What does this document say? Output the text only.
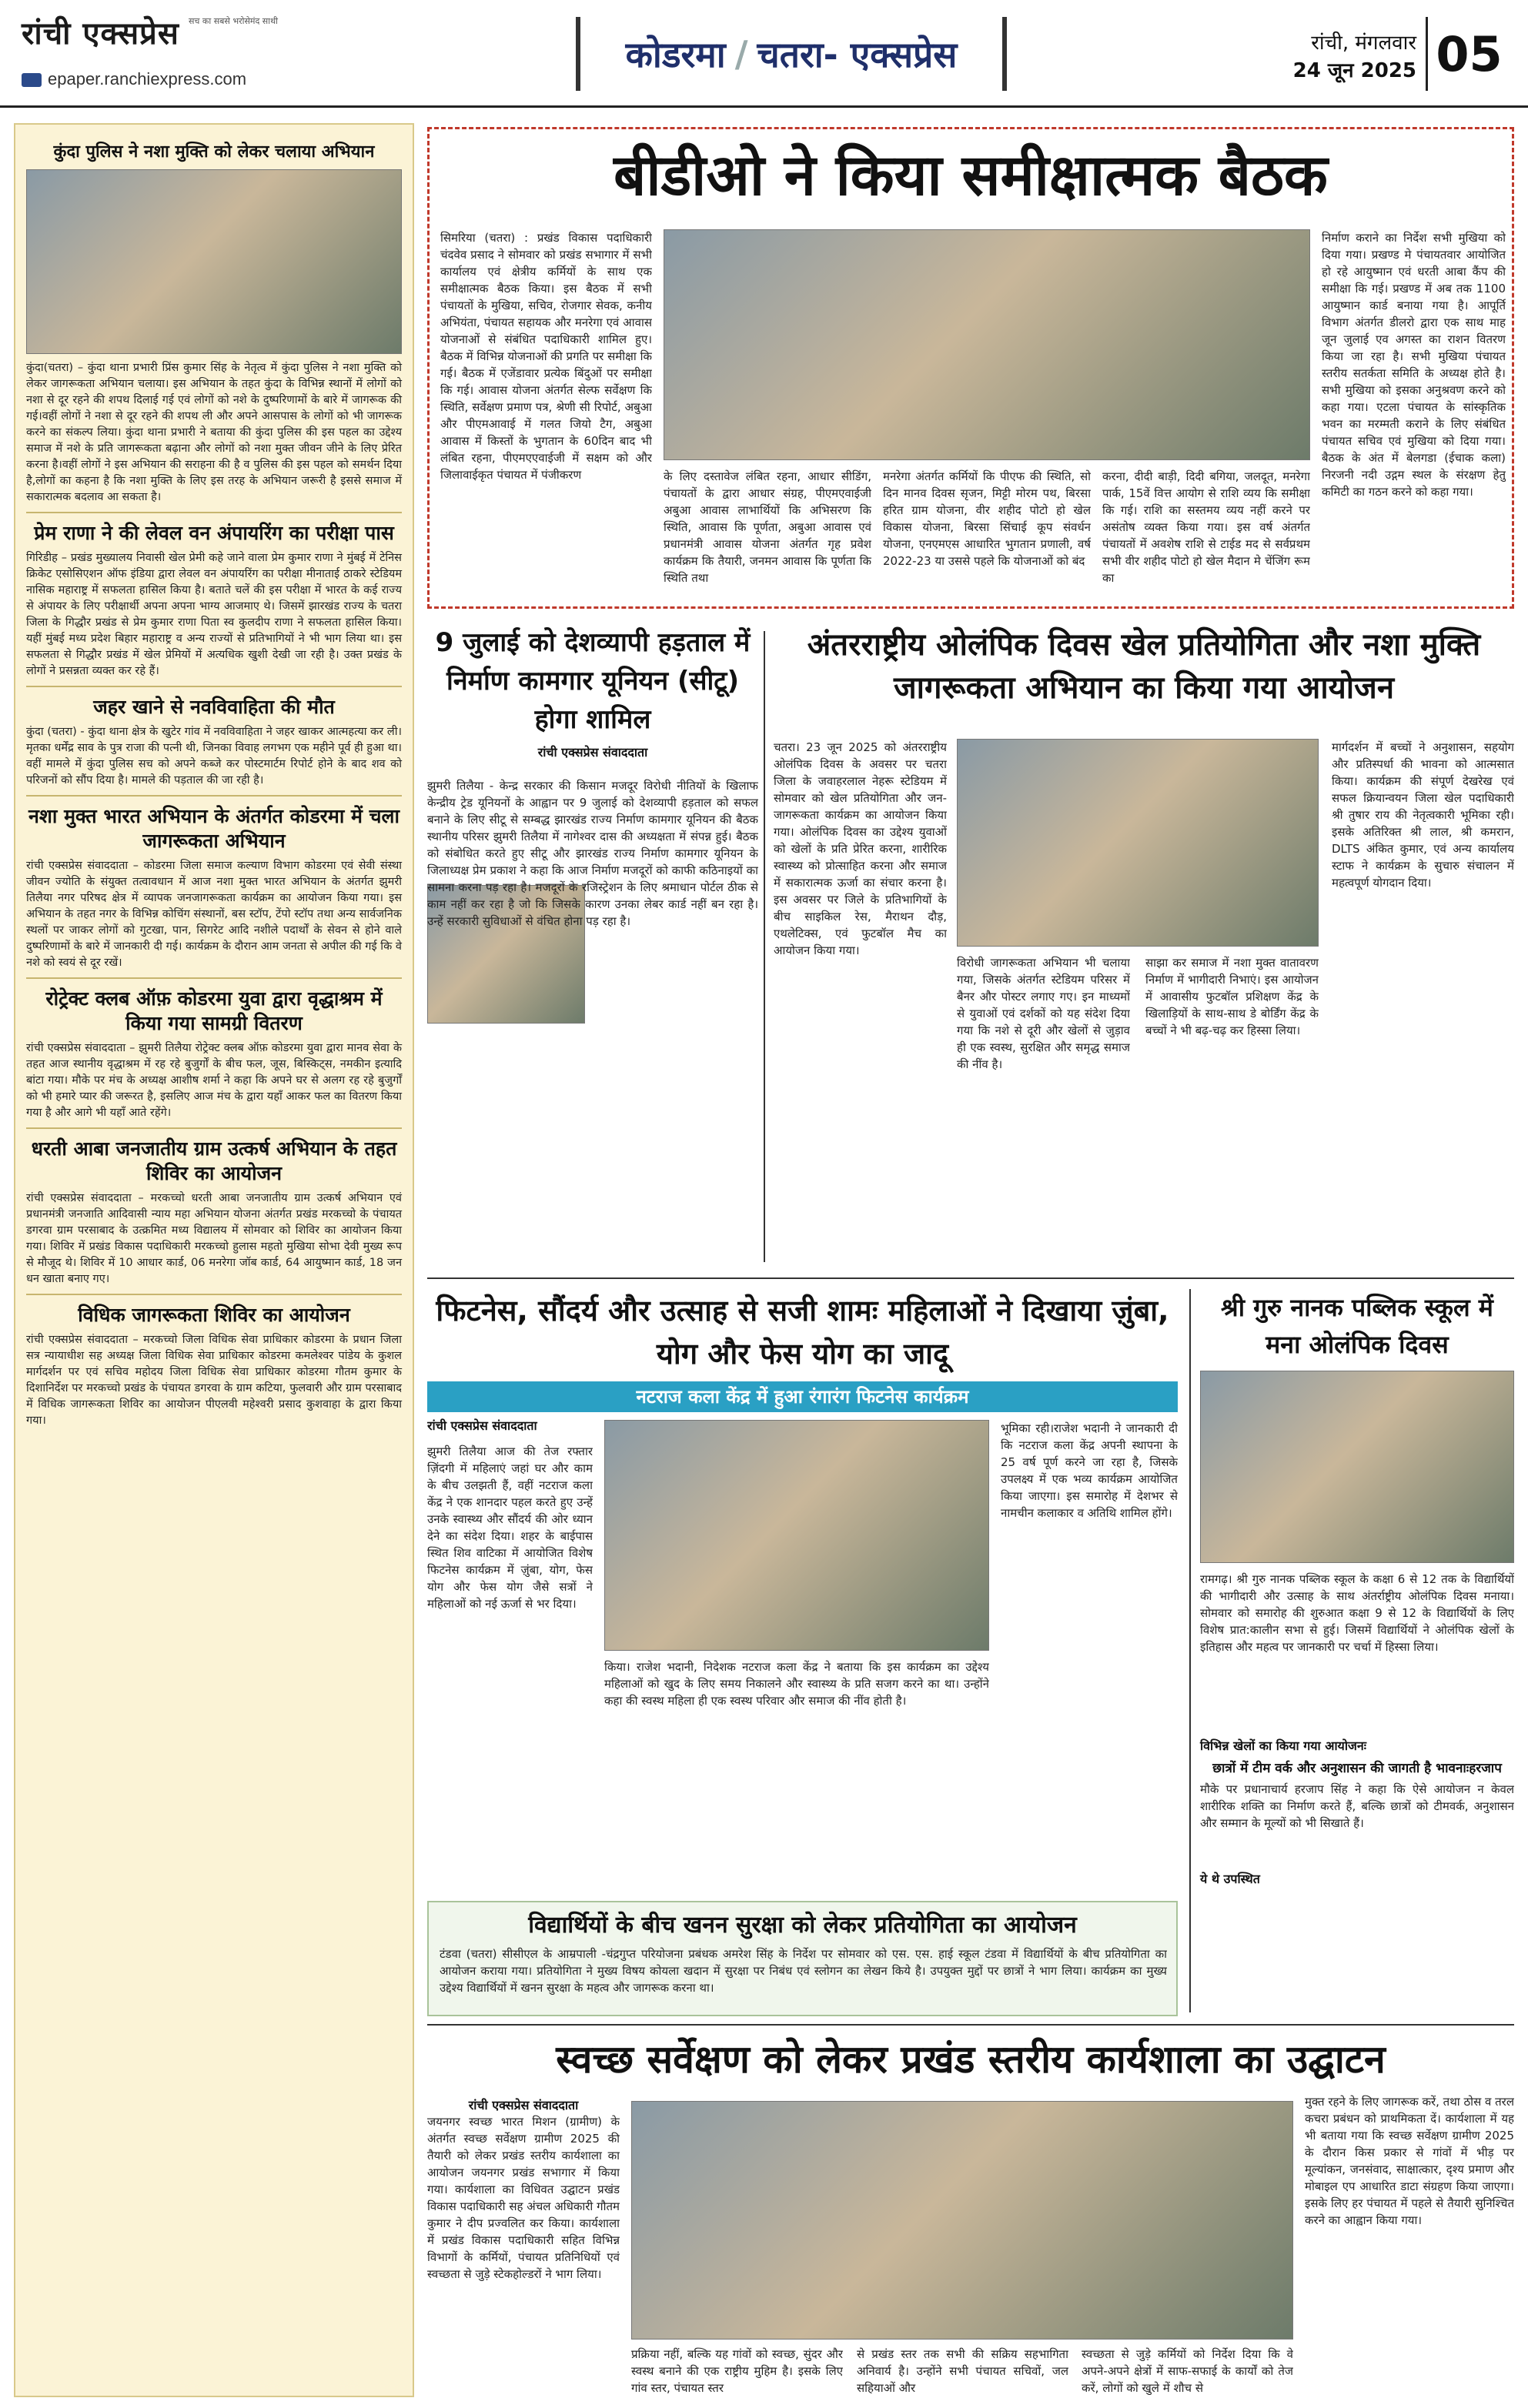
रांची एक्सप्रेस सच का सबसे भरोसेमंद साथी
epaper.ranchiexpress.com
कोडरमा / चतरा- एक्सप्रेस	रांची, मंगलवार
24 जून 2025 05
कुंदा पुलिस ने नशा मुक्ति को लेकर चलाया अभियान
कुंदा(चतरा) – कुंदा थाना प्रभारी प्रिंस कुमार सिंह के नेतृत्व में कुंदा पुलिस ने नशा मुक्ति को लेकर जागरूकता अभियान चलाया। इस अभियान के तहत कुंदा के विभिन्न स्थानों में लोगों को नशा से दूर रहने की शपथ दिलाई गई एवं लोगों को नशे के दुष्परिणामों के बारे में जागरूक की गई।वहीं लोगों ने नशा से दूर रहने की शपथ ली और अपने आसपास के लोगों को भी जागरूक करने का संकल्प लिया। कुंदा थाना प्रभारी ने बताया की कुंदा पुलिस की इस पहल का उद्देश्य समाज में नशे के प्रति जागरूकता बढ़ाना और लोगों को नशा मुक्त जीवन जीने के लिए प्रेरित करना है।वहीं लोगों ने इस अभियान की सराहना की है व पुलिस की इस पहल को समर्थन दिया है,लोगों का कहना है कि नशा मुक्ति के लिए इस तरह के अभियान जरूरी है इससे समाज में सकारात्मक बदलाव आ सकता है।
प्रेम राणा ने की लेवल वन अंपायरिंग का परीक्षा पास
गिरिडीह – प्रखंड मुख्यालय निवासी खेल प्रेमी कहे जाने वाला प्रेम कुमार राणा ने मुंबई में टेनिस क्रिकेट एसोसिएशन ऑफ इंडिया द्वारा लेवल वन अंपायरिंग का परीक्षा मीनाताई ठाकरे स्टेडियम नासिक महाराष्ट्र में सफलता हासिल किया है। बताते चलें की इस परीक्षा में भारत के कई राज्य से अंपायर के लिए परीक्षार्थी अपना अपना भाग्य आजमाए थे। जिसमें झारखंड राज्य के चतरा जिला के गिद्धौर प्रखंड से प्रेम कुमार राणा पिता स्व कुलदीप राणा ने सफलता हासिल किया। यहीं मुंबई मध्य प्रदेश बिहार महाराष्ट्र व अन्य राज्यों से प्रतिभागियों ने भी भाग लिया था। इस सफलता से गिद्धौर प्रखंड में खेल प्रेमियों में अत्यधिक खुशी देखी जा रही है। उक्त प्रखंड के लोगों ने प्रसन्नता व्यक्त कर रहे हैं।
जहर खाने से नवविवाहिता की मौत
कुंदा (चतरा) - कुंदा थाना क्षेत्र के खुटेर गांव में नवविवाहिता ने जहर खाकर आत्महत्या कर ली। मृतका धर्मेंद्र साव के पुत्र राजा की पत्नी थी, जिनका विवाह लगभग एक महीने पूर्व ही हुआ था।वहीं मामले में कुंदा पुलिस सच को अपने कब्जे कर पोस्टमार्टम रिपोर्ट होने के बाद शव को परिजनों को सौंप दिया है। मामले की पड़ताल की जा रही है।
नशा मुक्त भारत अभियान के अंतर्गत कोडरमा में चला जागरूकता अभियान
रांची एक्सप्रेस संवाददाता – कोडरमा जिला समाज कल्याण विभाग कोडरमा एवं सेवी संस्था जीवन ज्योति के संयुक्त तत्वावधान में आज नशा मुक्त भारत अभियान के अंतर्गत झुमरी तिलैया नगर परिषद क्षेत्र में व्यापक जनजागरूकता कार्यक्रम का आयोजन किया गया। इस अभियान के तहत नगर के विभिन्न कोचिंग संस्थानों, बस स्टॉप, टेंपो स्टॉप तथा अन्य सार्वजनिक स्थलों पर जाकर लोगों को गुटखा, पान, सिगरेट आदि नशीले पदार्थों के सेवन से होने वाले दुष्परिणामों के बारे में जानकारी दी गई। कार्यक्रम के दौरान आम जनता से अपील की गई कि वे नशे को स्वयं से दूर रखें।
रोट्रेक्ट क्लब ऑफ़ कोडरमा युवा द्वारा वृद्धाश्रम में किया गया सामग्री वितरण
रांची एक्सप्रेस संवाददाता – झुमरी तिलैया रोट्रेक्ट क्लब ऑफ़ कोडरमा युवा द्वारा मानव सेवा के तहत आज स्थानीय वृद्धाश्रम में रह रहे बुजुर्गों के बीच फल, जूस, बिस्किट्स, नमकीन इत्यादि बांटा गया। मौके पर मंच के अध्यक्ष आशीष शर्मा ने कहा कि अपने घर से अलग रह रहे बुजुर्गों को भी हमारे प्यार की जरूरत है, इसलिए आज मंच के द्वारा यहाँ आकर फल का वितरण किया गया है और आगे भी यहाँ आते रहेंगे।
धरती आबा जनजातीय ग्राम उत्कर्ष अभियान के तहत शिविर का आयोजन
रांची एक्सप्रेस संवाददाता – मरकच्चो धरती आबा जनजातीय ग्राम उत्कर्ष अभियान एवं प्रधानमंत्री जनजाति आदिवासी न्याय महा अभियान योजना अंतर्गत प्रखंड मरकच्चो के पंचायत डगरवा ग्राम परसाबाद के उत्क्रमित मध्य विद्यालय में सोमवार को शिविर का आयोजन किया गया। शिविर में प्रखंड विकास पदाधिकारी मरकच्चो हुलास महतो मुखिया सोभा देवी मुख्य रूप से मौजूद थे। शिविर में 10 आधार कार्ड, 06 मनरेगा जॉब कार्ड, 64 आयुष्मान कार्ड, 18 जन धन खाता बनाए गए।
विधिक जागरूकता शिविर का आयोजन
रांची एक्सप्रेस संवाददाता – मरकच्चो जिला विधिक सेवा प्राधिकार कोडरमा के प्रधान जिला सत्र न्यायाधीश सह अध्यक्ष जिला विधिक सेवा प्राधिकार कोडरमा कमलेश्वर पांडेय के कुशल मार्गदर्शन पर एवं सचिव महोदय जिला विधिक सेवा प्राधिकार कोडरमा गौतम कुमार के दिशानिर्देश पर मरकच्चो प्रखंड के पंचायत डगरवा के ग्राम कटिया, फुलवारी और ग्राम परसाबाद में विधिक जागरूकता शिविर का आयोजन पीएलवी महेश्वरी प्रसाद कुशवाहा के द्वारा किया गया।
बीडीओ ने किया समीक्षात्मक बैठक
सिमरिया (चतरा) : प्रखंड विकास पदाधिकारी चंदवेव प्रसाद ने सोमवार को प्रखंड सभागार में सभी कार्यालय एवं क्षेत्रीय कर्मियों के साथ एक समीक्षात्मक बैठक किया। इस बैठक में सभी पंचायतों के मुखिया, सचिव, रोजगार सेवक, कनीय अभियंता, पंचायत सहायक और मनरेगा एवं आवास योजनाओं से संबंधित पदाधिकारी शामिल हुए। बैठक में विभिन्न योजनाओं की प्रगति पर समीक्षा कि गई। बैठक में एजेंडावार प्रत्येक बिंदुओं पर समीक्षा कि गई। आवास योजना अंतर्गत सेल्फ सर्वेक्षण कि स्थिति, सर्वेक्षण प्रमाण पत्र, श्रेणी सी रिपोर्ट, अबुआ और पीएमआवाई में गलत जियो टैग, अबुआ आवास में किस्तों के भुगतान के 60दिन बाद भी लंबित रहना, पीएमएएवाईजी में सक्षम को और जिलावाईकृत पंचायत में पंजीकरण	के लिए दस्तावेज लंबित रहना, आधार सीडिंग, पंचायतों के द्वारा आधार संग्रह, पीएमएवाईजी अबुआ आवास लाभार्थियों कि अभिसरण कि स्थिति, आवास कि पूर्णता, अबुआ आवास एवं प्रधानमंत्री आवास योजना अंतर्गत गृह प्रवेश कार्यक्रम कि तैयारी, जनमन आवास कि पूर्णता कि स्थिति तथा
मनरेगा अंतर्गत कर्मियों कि पीएफ की स्थिति, सो दिन मानव दिवस सृजन, मिट्टी मोरम पथ, बिरसा हरित ग्राम योजना, वीर शहीद पोटो हो खेल विकास योजना, बिरसा सिंचाई कूप संवर्धन योजना, एनएमएस आधारित भुगतान प्रणाली, वर्ष 2022-23 या उससे पहले कि योजनाओं को बंद
करना, दीदी बाड़ी, दिदी बगिया, जलदूत, मनरेगा पार्क, 15वें वित्त आयोग से राशि व्यय कि समीक्षा कि गई। राशि का सस्तमय व्यय नहीं करने पर असंतोष व्यक्त किया गया। इस वर्ष अंतर्गत पंचायतों में अवशेष राशि से टाईड मद से सर्वप्रथम सभी वीर शहीद पोटो हो खेल मैदान मे चेंजिंग रूम का
निर्माण कराने का निर्देश सभी मुखिया को दिया गया। प्रखण्ड मे पंचायतवार आयोजित हो रहे आयुष्मान एवं धरती आबा कैंप की समीक्षा कि गई। प्रखण्ड में अब तक 1100 आयुष्मान कार्ड बनाया गया है। आपूर्ति विभाग अंतर्गत डीलरो द्वारा एक साथ माह जून जुलाई एव अगस्त का राशन वितरण किया जा रहा है। सभी मुखिया पंचायत स्तरीय सतर्कता समिति के अध्यक्ष होते है। सभी मुखिया को इसका अनुश्रवण करने को कहा गया। एटला पंचायत के सांस्कृतिक भवन का मरम्मती कराने के लिए संबंधित पंचायत सचिव एवं मुखिया को दिया गया। बैठक के अंत में बेलगडा (ईचाक कला) निरजनी नदी उद्गम स्थल के संरक्षण हेतु कमिटी का गठन करने को कहा गया।
9 जुलाई को देशव्यापी हड़ताल में निर्माण कामगार यूनियन (सीटू) होगा शामिल
रांची एक्सप्रेस संवाददाता
झुमरी तिलैया - केन्द्र सरकार की किसान मजदूर विरोधी नीतियों के खिलाफ केन्द्रीय ट्रेड यूनियनों के आह्वान पर 9 जुलाई को देशव्यापी हड़ताल को सफल बनाने के लिए सीटू से सम्बद्ध झारखंड राज्य निर्माण कामगार यूनियन की बैठक स्थानीय परिसर झुमरी तिलैया में नागेश्वर दास की अध्यक्षता में संपन्न हुई। बैठक को संबोधित करते हुए सीटू और झारखंड राज्य निर्माण कामगार यूनियन के जिलाध्यक्ष प्रेम प्रकाश ने कहा कि आज निर्माण मजदूरों को काफी कठिनाइयों का सामना करना पड़ रहा है। मजदूरों के रजिस्ट्रेशन के लिए श्रमाधान पोर्टल ठीक से काम नहीं कर रहा है जो कि जिसके कारण उनका लेबर कार्ड नहीं बन रहा है। उन्हें सरकारी सुविधाओं से वंचित होना पड़ रहा है।
अंतरराष्ट्रीय ओलंपिक दिवस खेल प्रतियोगिता और नशा मुक्ति जागरूकता अभियान का किया गया आयोजन
चतरा। 23 जून 2025 को अंतरराष्ट्रीय ओलंपिक दिवस के अवसर पर चतरा जिला के जवाहरलाल नेहरू स्टेडियम में सोमवार को खेल प्रतियोगिता और जन-जागरूकता कार्यक्रम का आयोजन किया गया। ओलंपिक दिवस का उद्देश्य युवाओं को खेलों के प्रति प्रेरित करना, शारीरिक स्वास्थ्य को प्रोत्साहित करना और समाज में सकारात्मक ऊर्जा का संचार करना है। इस अवसर पर जिले के प्रतिभागियों के बीच साइकिल रेस, मैराथन दौड़, एथलेटिक्स, एवं फुटबॉल मैच का आयोजन किया गया।
विरोधी जागरूकता अभियान भी चलाया गया, जिसके अंतर्गत स्टेडियम परिसर में बैनर और पोस्टर लगाए गए। इन माध्यमों से युवाओं एवं दर्शकों को यह संदेश दिया गया कि नशे से दूरी और खेलों से जुड़ाव ही एक स्वस्थ, सुरक्षित और समृद्ध समाज की नींव है।
साझा कर समाज में नशा मुक्त वातावरण निर्माण में भागीदारी निभाएं। इस आयोजन में आवासीय फुटबॉल प्रशिक्षण केंद्र के खिलाड़ियों के साथ-साथ डे बोर्डिंग केंद्र के बच्चों ने भी बढ़-चढ़ कर हिस्सा लिया।
मार्गदर्शन में बच्चों ने अनुशासन, सहयोग और प्रतिस्पर्धा की भावना को आत्मसात किया। कार्यक्रम की संपूर्ण देखरेख एवं सफल क्रियान्वयन जिला खेल पदाधिकारी श्री तुषार राय की नेतृत्वकारी भूमिका रही। इसके अतिरिक्त श्री लाल, श्री कमरान, DLTS अंकित कुमार, एवं अन्य कार्यालय स्टाफ ने कार्यक्रम के सुचारु संचालन में महत्वपूर्ण योगदान दिया।
फिटनेस, सौंदर्य और उत्साह से सजी शामः महिलाओं ने दिखाया ज़ुंबा, योग और फेस योग का जादू
नटराज कला केंद्र में हुआ रंगारंग फिटनेस कार्यक्रम
रांची एक्सप्रेस संवाददाता
झुमरी तिलैया आज की तेज रफ्तार ज़िंदगी में महिलाएं जहां घर और काम के बीच उलझती हैं, वहीं नटराज कला केंद्र ने एक शानदार पहल करते हुए उन्हें उनके स्वास्थ्य और सौंदर्य की ओर ध्यान देने का संदेश दिया। शहर के बाईपास स्थित शिव वाटिका में आयोजित विशेष फिटनेस कार्यक्रम में ज़ुंबा, योग, फेस योग और फेस योग जैसे सत्रों ने महिलाओं को नई ऊर्जा से भर दिया।
किया। राजेश भदानी, निदेशक नटराज कला केंद्र ने बताया कि इस कार्यक्रम का उद्देश्य महिलाओं को खुद के लिए समय निकालने और स्वास्थ्य के प्रति सजग करने का था। उन्होंने कहा की स्वस्थ महिला ही एक स्वस्थ परिवार और समाज की नींव होती है।
भूमिका रही।राजेश भदानी ने जानकारी दी कि नटराज कला केंद्र अपनी स्थापना के 25 वर्ष पूर्ण करने जा रहा है, जिसके उपलक्ष्य में एक भव्य कार्यक्रम आयोजित किया जाएगा। इस समारोह में देशभर से नामचीन कलाकार व अतिथि शामिल होंगे।
श्री गुरु नानक पब्लिक स्कूल में मना ओलंपिक दिवस
रामगढ़। श्री गुरु नानक पब्लिक स्कूल के कक्षा 6 से 12 तक के विद्यार्थियों की भागीदारी और उत्साह के साथ अंतर्राष्ट्रीय ओलंपिक दिवस मनाया। सोमवार को समारोह की शुरुआत कक्षा 9 से 12 के विद्यार्थियों के लिए विशेष प्रात:कालीन सभा से हुई। जिसमें विद्यार्थियों ने ओलंपिक खेलों के इतिहास और महत्व पर जानकारी पर चर्चा में हिस्सा लिया।
विभिन्न खेलों का किया गया आयोजनः
छात्रों में टीम वर्क और अनुशासन की जागती है भावनाःहरजाप
मौके पर प्रधानाचार्य हरजाप सिंह ने कहा कि ऐसे आयोजन न केवल शारीरिक शक्ति का निर्माण करते हैं, बल्कि छात्रों को टीमवर्क, अनुशासन और सम्मान के मूल्यों को भी सिखाते हैं।
ये थे उपस्थित
विद्यार्थियों के बीच खनन सुरक्षा को लेकर प्रतियोगिता का आयोजन
टंडवा (चतरा) सीसीएल के आम्रपाली -चंद्रगुप्त परियोजना प्रबंधक अमरेश सिंह के निर्देश पर सोमवार को एस. एस. हाई स्कूल टंडवा में विद्यार्थियों के बीच प्रतियोगिता का आयोजन कराया गया। प्रतियोगिता ने मुख्य विषय कोयला खदान में सुरक्षा पर निबंध एवं स्लोगन का लेखन किये है। उपयुक्त मुद्दों पर छात्रों ने भाग लिया। कार्यक्रम का मुख्य उद्देश्य विद्यार्थियों में खनन सुरक्षा के महत्व और जागरूक करना था।
स्वच्छ सर्वेक्षण को लेकर प्रखंड स्तरीय कार्यशाला का उद्घाटन
रांची एक्सप्रेस संवाददाता
जयनगर स्वच्छ भारत मिशन (ग्रामीण) के अंतर्गत स्वच्छ सर्वेक्षण ग्रामीण 2025 की तैयारी को लेकर प्रखंड स्तरीय कार्यशाला का आयोजन जयनगर प्रखंड सभागार में किया गया। कार्यशाला का विधिवत उद्घाटन प्रखंड विकास पदाधिकारी सह अंचल अधिकारी गौतम कुमार ने दीप प्रज्वलित कर किया। कार्यशाला में प्रखंड विकास पदाधिकारी सहित विभिन्न विभागों के कर्मियों, पंचायत प्रतिनिधियों एवं स्वच्छता से जुड़े स्टेकहोल्डरों ने भाग लिया।
प्रक्रिया नहीं, बल्कि यह गांवों को स्वच्छ, सुंदर और स्वस्थ बनाने की एक राष्ट्रीय मुहिम है। इसके लिए गांव स्तर, पंचायत स्तर
से प्रखंड स्तर तक सभी की सक्रिय सहभागिता अनिवार्य है। उन्होंने सभी पंचायत सचिवों, जल सहियाओं और
स्वच्छता से जुड़े कर्मियों को निर्देश दिया कि वे अपने-अपने क्षेत्रों में साफ-सफाई के कार्यों को तेज करें, लोगों को खुले में शौच से
मुक्त रहने के लिए जागरूक करें, तथा ठोस व तरल कचरा प्रबंधन को प्राथमिकता दें। कार्यशाला में यह भी बताया गया कि स्वच्छ सर्वेक्षण ग्रामीण 2025 के दौरान किस प्रकार से गांवों में भीड़ पर मूल्यांकन, जनसंवाद, साक्षात्कार, दृश्य प्रमाण और मोबाइल एप आधारित डाटा संग्रहण किया जाएगा। इसके लिए हर पंचायत में पहले से तैयारी सुनिश्चित करने का आह्वान किया गया।
